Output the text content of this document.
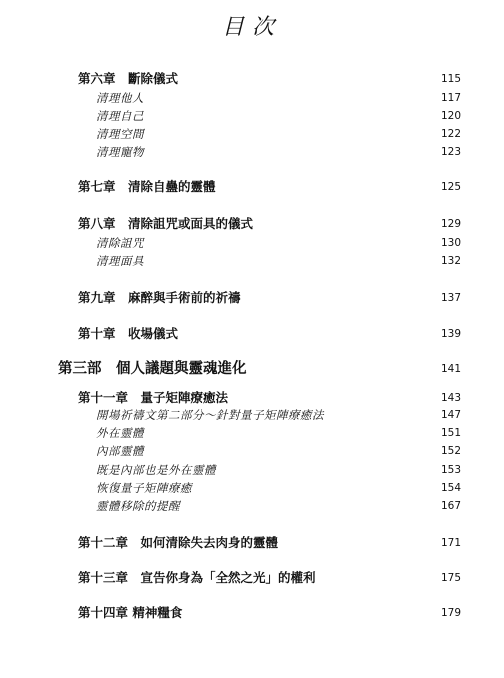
目次
第六章　斷除儀式	115
清理他人	117
清理自己	120
清理空間	122
清理寵物	123
第七章　清除自蠱的靈體	125
第八章　清除詛咒或面具的儀式	129
清除詛咒	130
清理面具	132
第九章　麻醉與手術前的祈禱	137
第十章　收場儀式	139
第三部　個人議題與靈魂進化	141
第十一章　量子矩陣療癒法	143
開場祈禱文第二部分～針對量子矩陣療癒法	147
外在靈體	151
內部靈體	152
既是內部也是外在靈體	153
恢復量子矩陣療癒	154
靈體移除的提醒	167
第十二章　如何清除失去肉身的靈體	171
第十三章　宣告你身為「全然之光」的權利	175
第十四章 精神糧食	179
